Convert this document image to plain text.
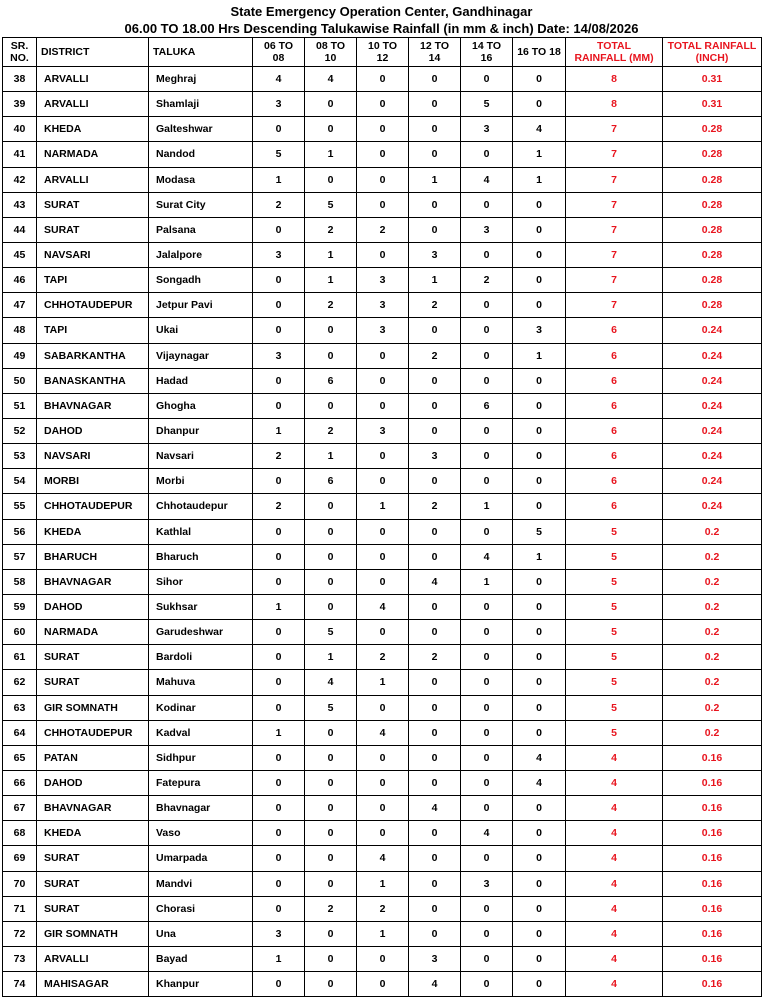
State Emergency Operation Center, Gandhinagar
06.00 TO 18.00 Hrs Descending Talukawise Rainfall (in mm & inch) Date: 14/08/2026
SR. NO.	DISTRICT	TALUKA	06 TO 08	08 TO 10	10 TO 12	12 TO 14	14 TO 16	16 TO 18	TOTAL RAINFALL (MM)	TOTAL RAINFALL (INCH)
38	ARVALLI	Meghraj	4	4	0	0	0	0	8	0.31
39	ARVALLI	Shamlaji	3	0	0	0	5	0	8	0.31
40	KHEDA	Galteshwar	0	0	0	0	3	4	7	0.28
41	NARMADA	Nandod	5	1	0	0	0	1	7	0.28
42	ARVALLI	Modasa	1	0	0	1	4	1	7	0.28
43	SURAT	Surat City	2	5	0	0	0	0	7	0.28
44	SURAT	Palsana	0	2	2	0	3	0	7	0.28
45	NAVSARI	Jalalpore	3	1	0	3	0	0	7	0.28
46	TAPI	Songadh	0	1	3	1	2	0	7	0.28
47	CHHOTAUDEPUR	Jetpur Pavi	0	2	3	2	0	0	7	0.28
48	TAPI	Ukai	0	0	3	0	0	3	6	0.24
49	SABARKANTHA	Vijaynagar	3	0	0	2	0	1	6	0.24
50	BANASKANTHA	Hadad	0	6	0	0	0	0	6	0.24
51	BHAVNAGAR	Ghogha	0	0	0	0	6	0	6	0.24
52	DAHOD	Dhanpur	1	2	3	0	0	0	6	0.24
53	NAVSARI	Navsari	2	1	0	3	0	0	6	0.24
54	MORBI	Morbi	0	6	0	0	0	0	6	0.24
55	CHHOTAUDEPUR	Chhotaudepur	2	0	1	2	1	0	6	0.24
56	KHEDA	Kathlal	0	0	0	0	0	5	5	0.2
57	BHARUCH	Bharuch	0	0	0	0	4	1	5	0.2
58	BHAVNAGAR	Sihor	0	0	0	4	1	0	5	0.2
59	DAHOD	Sukhsar	1	0	4	0	0	0	5	0.2
60	NARMADA	Garudeshwar	0	5	0	0	0	0	5	0.2
61	SURAT	Bardoli	0	1	2	2	0	0	5	0.2
62	SURAT	Mahuva	0	4	1	0	0	0	5	0.2
63	GIR SOMNATH	Kodinar	0	5	0	0	0	0	5	0.2
64	CHHOTAUDEPUR	Kadval	1	0	4	0	0	0	5	0.2
65	PATAN	Sidhpur	0	0	0	0	0	4	4	0.16
66	DAHOD	Fatepura	0	0	0	0	0	4	4	0.16
67	BHAVNAGAR	Bhavnagar	0	0	0	4	0	0	4	0.16
68	KHEDA	Vaso	0	0	0	0	4	0	4	0.16
69	SURAT	Umarpada	0	0	4	0	0	0	4	0.16
70	SURAT	Mandvi	0	0	1	0	3	0	4	0.16
71	SURAT	Chorasi	0	2	2	0	0	0	4	0.16
72	GIR SOMNATH	Una	3	0	1	0	0	0	4	0.16
73	ARVALLI	Bayad	1	0	0	3	0	0	4	0.16
74	MAHISAGAR	Khanpur	0	0	0	4	0	0	4	0.16
